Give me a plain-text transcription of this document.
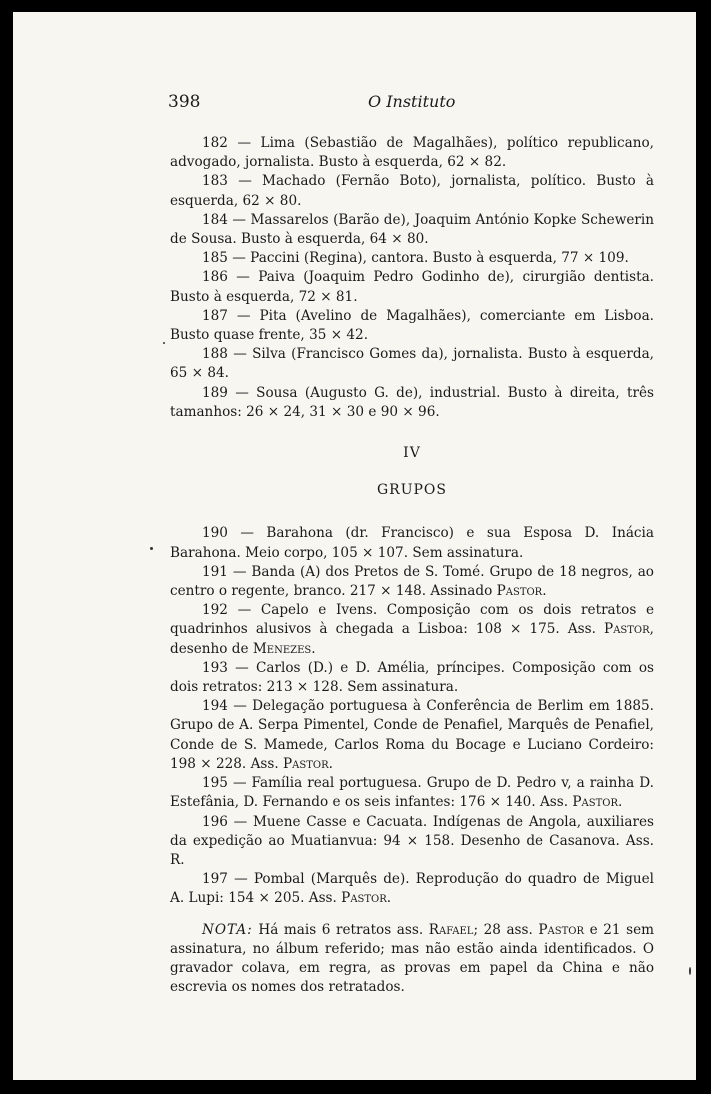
398	O Instituto

182 — Lima (Sebastião de Magalhães), político republicano, advogado, jornalista. Busto à esquerda, 62 × 82.

183 — Machado (Fernão Boto), jornalista, político. Busto à esquerda, 62 × 80.

184 — Massarelos (Barão de), Joaquim António Kopke Schewerin de Sousa. Busto à esquerda, 64 × 80.

185 — Paccini (Regina), cantora. Busto à esquerda, 77 × 109.

186 — Paiva (Joaquim Pedro Godinho de), cirurgião dentista. Busto à esquerda, 72 × 81.

187 — Pita (Avelino de Magalhães), comerciante em Lisboa. Busto quase frente, 35 × 42.

188 — Silva (Francisco Gomes da), jornalista. Busto à esquerda, 65 × 84.

189 — Sousa (Augusto G. de), industrial. Busto à direita, três tamanhos: 26 × 24, 31 × 30 e 90 × 96.

IV

GRUPOS

190 — Barahona (dr. Francisco) e sua Esposa D. Inácia Barahona. Meio corpo, 105 × 107. Sem assinatura.

191 — Banda (A) dos Pretos de S. Tomé. Grupo de 18 negros, ao centro o regente, branco. 217 × 148. Assinado Pastor.

192 — Capelo e Ivens. Composição com os dois retratos e quadrinhos alusivos à chegada a Lisboa: 108 × 175. Ass. Pastor, desenho de Menezes.

193 — Carlos (D.) e D. Amélia, príncipes. Composição com os dois retratos: 213 × 128. Sem assinatura.

194 — Delegação portuguesa à Conferência de Berlim em 1885. Grupo de A. Serpa Pimentel, Conde de Penafiel, Marquês de Penafiel, Conde de S. Mamede, Carlos Roma du Bocage e Luciano Cordeiro: 198 × 228. Ass. Pastor.

195 — Família real portuguesa. Grupo de D. Pedro v, a rainha D. Estefânia, D. Fernando e os seis infantes: 176 × 140. Ass. Pastor.

196 — Muene Casse e Cacuata. Indígenas de Angola, auxiliares da expedição ao Muatianvua: 94 × 158. Desenho de Casanova. Ass. R.

197 — Pombal (Marquês de). Reprodução do quadro de Miguel A. Lupi: 154 × 205. Ass. Pastor.

NOTA: Há mais 6 retratos ass. Rafael; 28 ass. Pastor e 21 sem assinatura, no álbum referido; mas não estão ainda identificados. O gravador colava, em regra, as provas em papel da China e não escrevia os nomes dos retratados.
